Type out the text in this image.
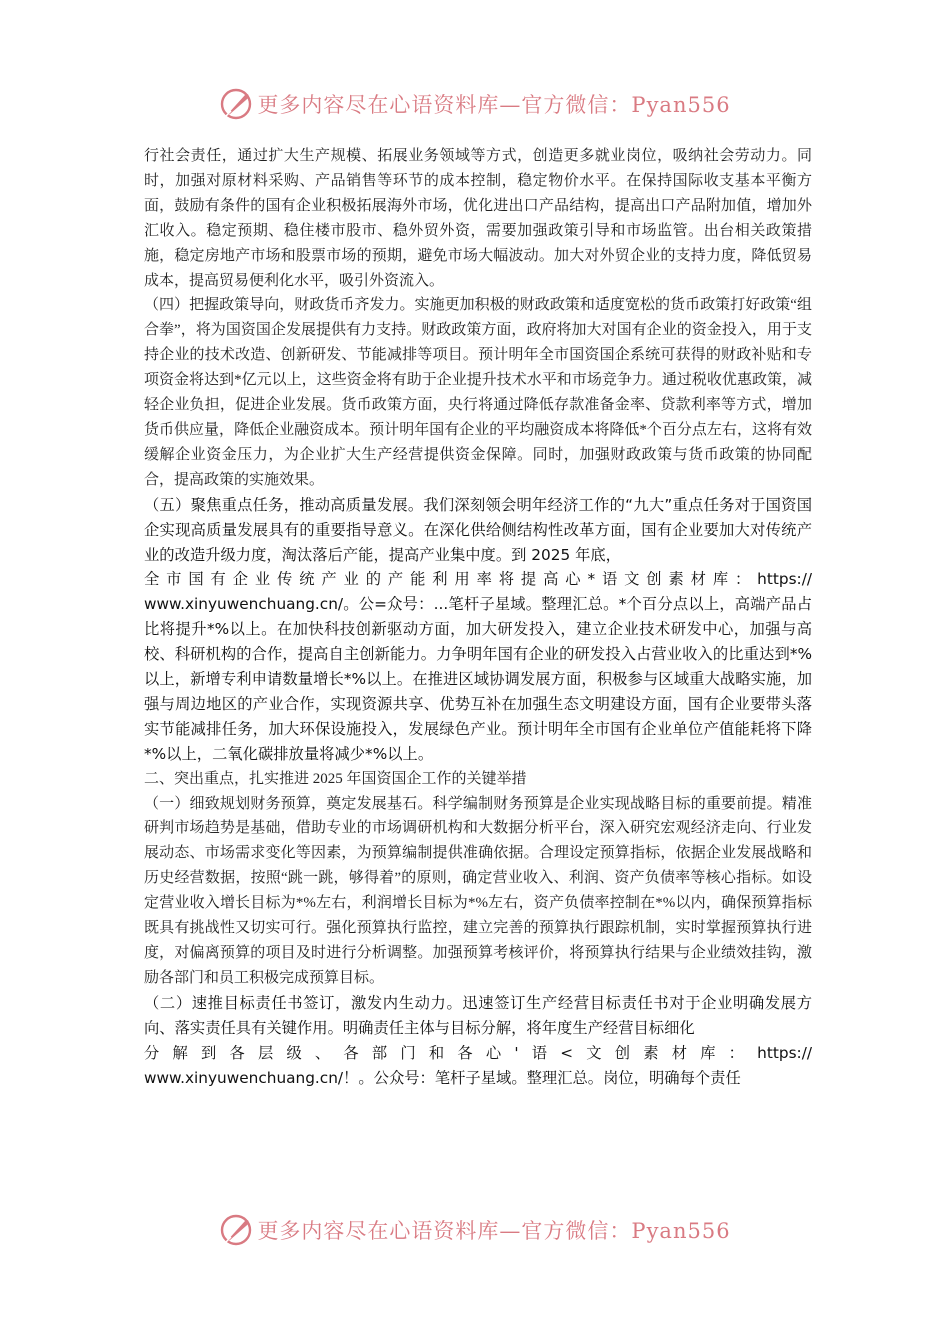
更多内容尽在心语资料库—官方微信：Pyan556

行社会责任，通过扩大生产规模、拓展业务领域等方式，创造更多就业岗位，吸纳社会劳动力。同时，加强对原材料采购、产品销售等环节的成本控制，稳定物价水平。在保持国际收支基本平衡方面，鼓励有条件的国有企业积极拓展海外市场，优化进出口产品结构，提高出口产品附加值，增加外汇收入。稳定预期、稳住楼市股市、稳外贸外资，需要加强政策引导和市场监管。出台相关政策措施，稳定房地产市场和股票市场的预期，避免市场大幅波动。加大对外贸企业的支持力度，降低贸易成本，提高贸易便利化水平，吸引外资流入。

（四）把握政策导向，财政货币齐发力。实施更加积极的财政政策和适度宽松的货币政策打好政策“组合拳”，将为国资国企发展提供有力支持。财政政策方面，政府将加大对国有企业的资金投入，用于支持企业的技术改造、创新研发、节能减排等项目。预计明年全市国资国企系统可获得的财政补贴和专项资金将达到*亿元以上，这些资金将有助于企业提升技术水平和市场竞争力。通过税收优惠政策，减轻企业负担，促进企业发展。货币政策方面，央行将通过降低存款准备金率、贷款利率等方式，增加货币供应量，降低企业融资成本。预计明年国有企业的平均融资成本将降低*个百分点左右，这将有效缓解企业资金压力，为企业扩大生产经营提供资金保障。同时，加强财政政策与货币政策的协同配合，提高政策的实施效果。

（五）聚焦重点任务，推动高质量发展。我们深刻领会明年经济工作的“九大”重点任务对于国资国企实现高质量发展具有的重要指导意义。在深化供给侧结构性改革方面，国有企业要加大对传统产业的改造升级力度，淘汰落后产能，提高产业集中度。到 2025 年底，

全市国有企业传统产业的产能利用率将提高心*语文创素材库：https://

www.xinyuwenchuang.cn/。公=众号：...笔杆子星域。整理汇总。*个百分点以上，高端产品占比将提升*%以上。在加快科技创新驱动方面，加大研发投入，建立企业技术研发中心，加强与高校、科研机构的合作，提高自主创新能力。力争明年国有企业的研发投入占营业收入的比重达到*%以上，新增专利申请数量增长*%以上。在推进区域协调发展方面，积极参与区域重大战略实施，加强与周边地区的产业合作，实现资源共享、优势互补在加强生态文明建设方面，国有企业要带头落实节能减排任务，加大环保设施投入，发展绿色产业。预计明年全市国有企业单位产值能耗将下降*%以上，二氧化碳排放量将减少*%以上。

二、突出重点，扎实推进 2025 年国资国企工作的关键举措

（一）细致规划财务预算，奠定发展基石。科学编制财务预算是企业实现战略目标的重要前提。精准研判市场趋势是基础，借助专业的市场调研机构和大数据分析平台，深入研究宏观经济走向、行业发展动态、市场需求变化等因素，为预算编制提供准确依据。合理设定预算指标，依据企业发展战略和历史经营数据，按照“跳一跳，够得着”的原则，确定营业收入、利润、资产负债率等核心指标。如设定营业收入增长目标为*%左右，利润增长目标为*%左右，资产负债率控制在*%以内，确保预算指标既具有挑战性又切实可行。强化预算执行监控，建立完善的预算执行跟踪机制，实时掌握预算执行进度，对偏离预算的项目及时进行分析调整。加强预算考核评价，将预算执行结果与企业绩效挂钩，激励各部门和员工积极完成预算目标。

（二）速推目标责任书签订，激发内生动力。迅速签订生产经营目标责任书对于企业明确发展方向、落实责任具有关键作用。明确责任主体与目标分解，将年度生产经营目标细化

分解到各层级、各部门和各心'语<文创素材库：https://

www.xinyuwenchuang.cn/！。公众号：笔杆子星域。整理汇总。岗位，明确每个责任

更多内容尽在心语资料库—官方微信：Pyan556
